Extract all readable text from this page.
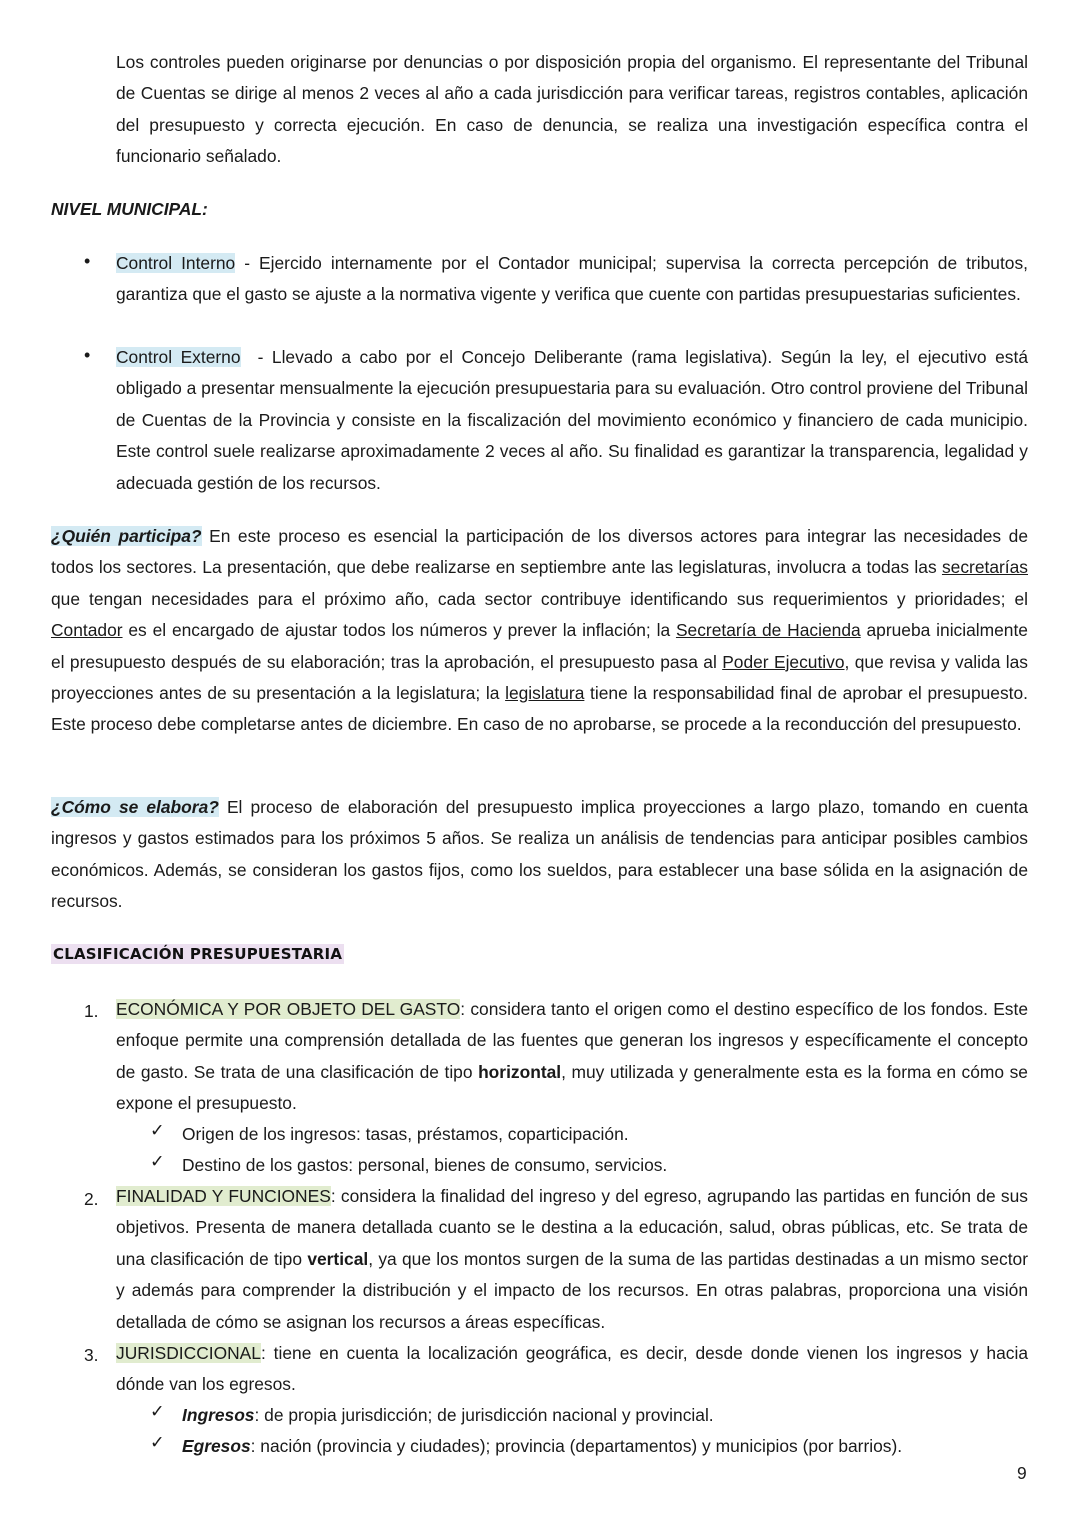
Los controles pueden originarse por denuncias o por disposición propia del organismo. El representante del Tribunal de Cuentas se dirige al menos 2 veces al año a cada jurisdicción para verificar tareas, registros contables, aplicación del presupuesto y correcta ejecución. En caso de denuncia, se realiza una investigación específica contra el funcionario señalado.

NIVEL MUNICIPAL:
• Control Interno - Ejercido internamente por el Contador municipal; supervisa la correcta percepción de tributos, garantiza que el gasto se ajuste a la normativa vigente y verifica que cuente con partidas presupuestarias suficientes.

• Control Externo  - Llevado a cabo por el Concejo Deliberante (rama legislativa). Según la ley, el ejecutivo está obligado a presentar mensualmente la ejecución presupuestaria para su evaluación. Otro control proviene del Tribunal de Cuentas de la Provincia y consiste en la fiscalización del movimiento económico y financiero de cada municipio. Este control suele realizarse aproximadamente 2 veces al año. Su finalidad es garantizar la transparencia, legalidad y adecuada gestión de los recursos.

¿Quién participa? En este proceso es esencial la participación de los diversos actores para integrar las necesidades de todos los sectores. La presentación, que debe realizarse en septiembre ante las legislaturas, involucra a todas las secretarías que tengan necesidades para el próximo año, cada sector contribuye identificando sus requerimientos y prioridades; el Contador es el encargado de ajustar todos los números y prever la inflación; la Secretaría de Hacienda aprueba inicialmente el presupuesto después de su elaboración; tras la aprobación, el presupuesto pasa al Poder Ejecutivo, que revisa y valida las proyecciones antes de su presentación a la legislatura; la legislatura tiene la responsabilidad final de aprobar el presupuesto. Este proceso debe completarse antes de diciembre. En caso de no aprobarse, se procede a la reconducción del presupuesto.

¿Cómo se elabora? El proceso de elaboración del presupuesto implica proyecciones a largo plazo, tomando en cuenta ingresos y gastos estimados para los próximos 5 años. Se realiza un análisis de tendencias para anticipar posibles cambios económicos. Además, se consideran los gastos fijos, como los sueldos, para establecer una base sólida en la asignación de recursos.

CLASIFICACIÓN PRESUPUESTARIA
1. ECONÓMICA Y POR OBJETO DEL GASTO: considera tanto el origen como el destino específico de los fondos. Este enfoque permite una comprensión detallada de las fuentes que generan los ingresos y específicamente el concepto de gasto. Se trata de una clasificación de tipo horizontal, muy utilizada y generalmente esta es la forma en cómo se expone el presupuesto.

✓ Origen de los ingresos: tasas, préstamos, coparticipación.

✓ Destino de los gastos: personal, bienes de consumo, servicios.

2. FINALIDAD Y FUNCIONES: considera la finalidad del ingreso y del egreso, agrupando las partidas en función de sus objetivos. Presenta de manera detallada cuanto se le destina a la educación, salud, obras públicas, etc. Se trata de una clasificación de tipo vertical, ya que los montos surgen de la suma de las partidas destinadas a un mismo sector y además para comprender la distribución y el impacto de los recursos. En otras palabras, proporciona una visión detallada de cómo se asignan los recursos a áreas específicas.

3. JURISDICCIONAL: tiene en cuenta la localización geográfica, es decir, desde donde vienen los ingresos y hacia dónde van los egresos.

✓ Ingresos: de propia jurisdicción; de jurisdicción nacional y provincial.

✓ Egresos: nación (provincia y ciudades); provincia (departamentos) y municipios (por barrios).

9
